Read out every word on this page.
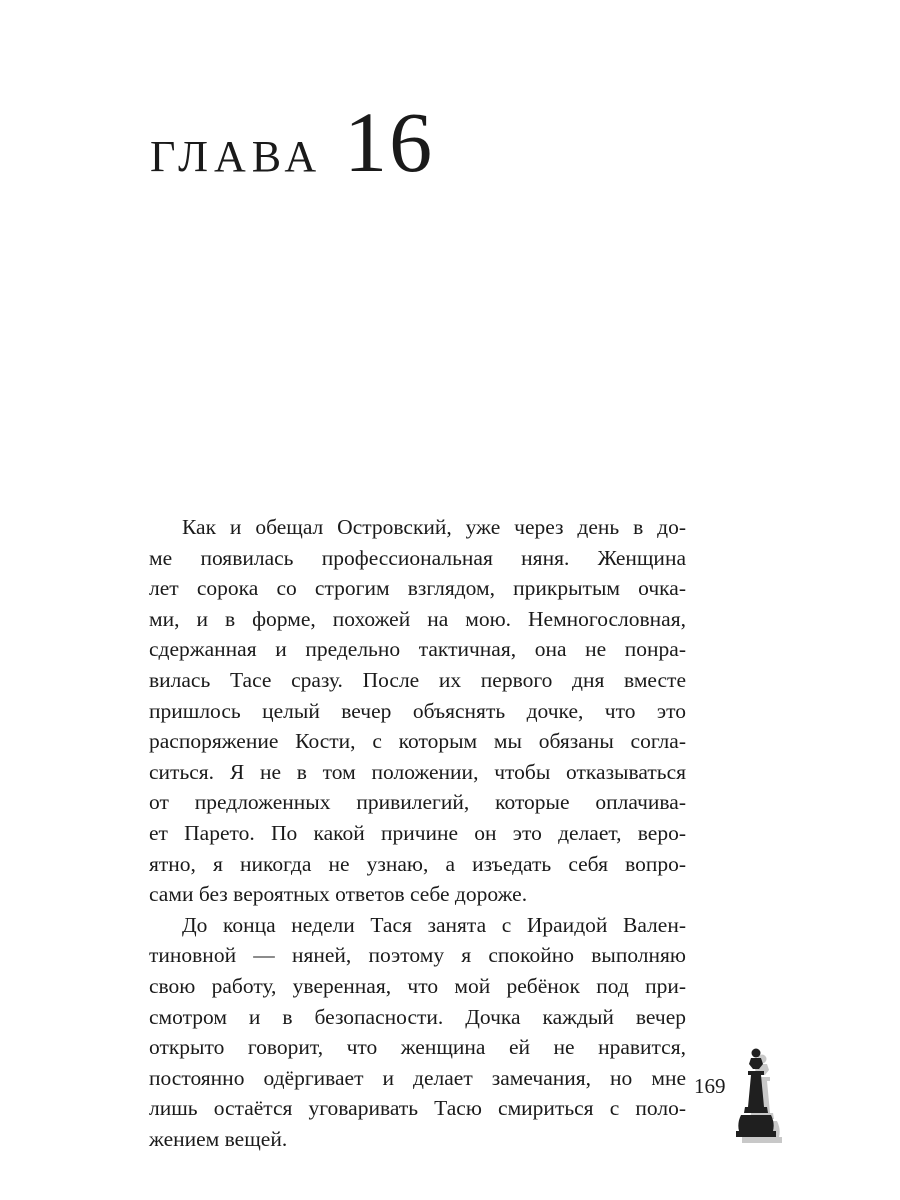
ГЛАВА 16
Как и обещал Островский, уже через день в до-
ме появилась профессиональная няня. Женщина
лет сорока со строгим взглядом, прикрытым очка-
ми, и в форме, похожей на мою. Немногословная,
сдержанная и предельно тактичная, она не понра-
вилась Тасе сразу. После их первого дня вместе
пришлось целый вечер объяснять дочке, что это
распоряжение Кости, с которым мы обязаны согла-
ситься. Я не в том положении, чтобы отказываться
от предложенных привилегий, которые оплачива-
ет Парето. По какой причине он это делает, веро-
ятно, я никогда не узнаю, а изъедать себя вопро-
сами без вероятных ответов себе дороже.
До конца недели Тася занята с Ираидой Вален-
тиновной — няней, поэтому я спокойно выполняю
свою работу, уверенная, что мой ребёнок под при-
смотром и в безопасности. Дочка каждый вечер
открыто говорит, что женщина ей не нравится,
постоянно одёргивает и делает замечания, но мне
лишь остаётся уговаривать Тасю смириться с поло-
жением вещей.
169
